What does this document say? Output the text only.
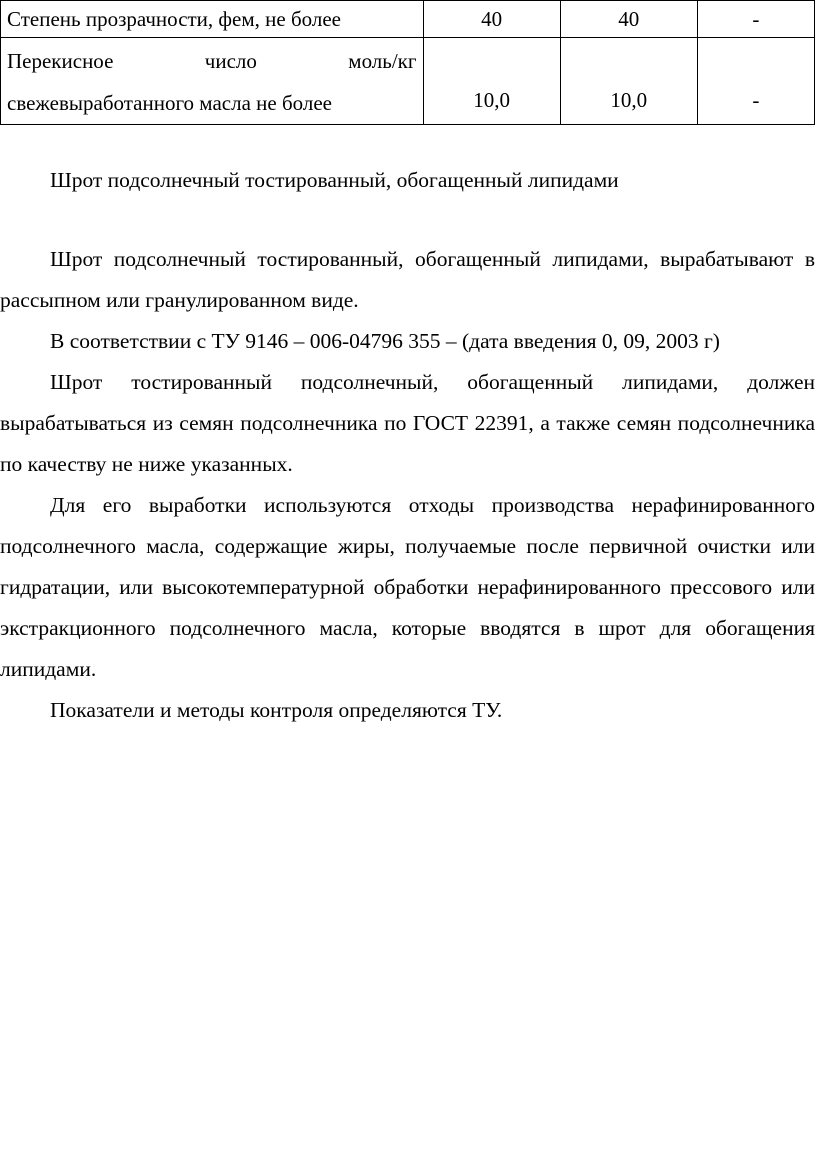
Степень прозрачности, фем, не более	40	40	-

Перекисное число моль/кг
свежевыработанного масла не более	10,0	10,0	-

Шрот подсолнечный тостированный, обогащенный липидами

Шрот подсолнечный тостированный, обогащенный липидами, вырабатывают в рассыпном или гранулированном виде.

В соответствии с ТУ 9146 – 006-04796 355 – (дата введения 0, 09, 2003 г)

Шрот тостированный подсолнечный, обогащенный липидами, должен вырабатываться из семян подсолнечника по ГОСТ 22391, а также семян подсолнечника по качеству не ниже указанных.

Для его выработки используются отходы производства нерафинированного подсолнечного масла, содержащие жиры, получаемые после первичной очистки или гидратации, или высокотемпературной обработки нерафинированного прессового или экстракционного подсолнечного масла, которые вводятся в шрот для обогащения липидами.

Показатели и методы контроля определяются ТУ.
